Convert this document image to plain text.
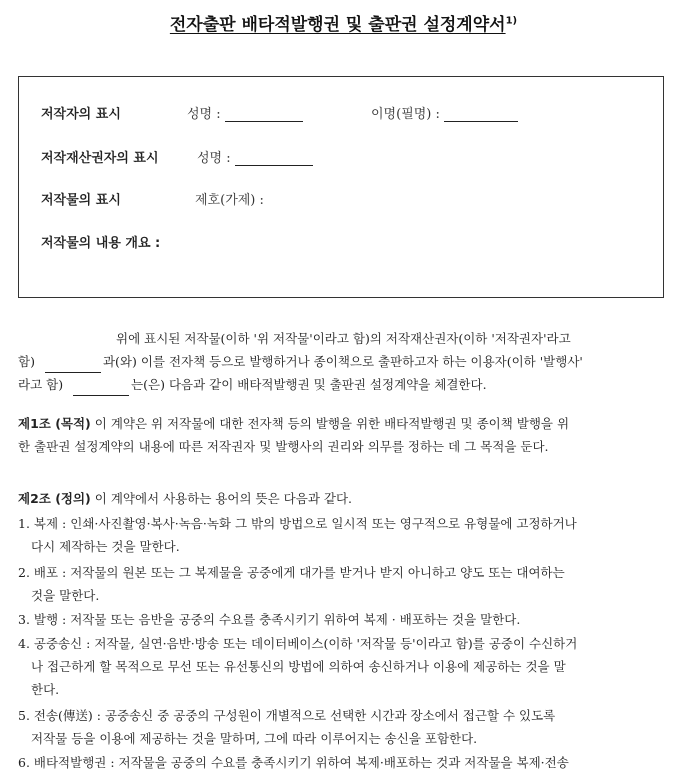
전자출판 배타적발행권 및 출판권 설정계약서$^{1)}$
저작자의 표시	성명 :	이명(필명) :
저작재산권자의 표시	성명 :
저작물의 표시	제호(가제) :
저작물의 내용 개요 :
위에 표시된 저작물(이하 '위 저작물'이라고 함)의 저작재산권자(이하 '저작권자'라고
함)	과(와) 이를 전자책 등으로 발행하거나 종이책으로 출판하고자 하는 이용자(이하 '발행사'
라고 함)	는(은) 다음과 같이 배타적발행권 및 출판권 설정계약을 체결한다.
제1조 (목적) 이 계약은 위 저작물에 대한 전자책 등의 발행을 위한 배타적발행권 및 종이책 발행을 위
한 출판권 설정계약의 내용에 따른 저작권자 및 발행사의 권리와 의무를 정하는 데 그 목적을 둔다.
제2조 (정의) 이 계약에서 사용하는 용어의 뜻은 다음과 같다.
1. 복제 : 인쇄·사진촬영·복사·녹음·녹화 그 밖의 방법으로 일시적 또는 영구적으로 유형물에 고정하거나
다시 제작하는 것을 말한다.
2. 배포 : 저작물의 원본 또는 그 복제물을 공중에게 대가를 받거나 받지 아니하고 양도 또는 대여하는
것을 말한다.
3. 발행 : 저작물 또는 음반을 공중의 수요를 충족시키기 위하여 복제 · 배포하는 것을 말한다.
4. 공중송신 : 저작물, 실연·음반·방송 또는 데이터베이스(이하 '저작물 등'이라고 함)를 공중이 수신하거
나 접근하게 할 목적으로 무선 또는 유선통신의 방법에 의하여 송신하거나 이용에 제공하는 것을 말
한다.
5. 전송(傳送) : 공중송신 중 공중의 구성원이 개별적으로 선택한 시간과 장소에서 접근할 수 있도록
저작물 등을 이용에 제공하는 것을 말하며, 그에 따라 이루어지는 송신을 포함한다.
6. 배타적발행권 : 저작물을 공중의 수요를 충족시키기 위하여 복제·배포하는 것과 저작물을 복제·전송
